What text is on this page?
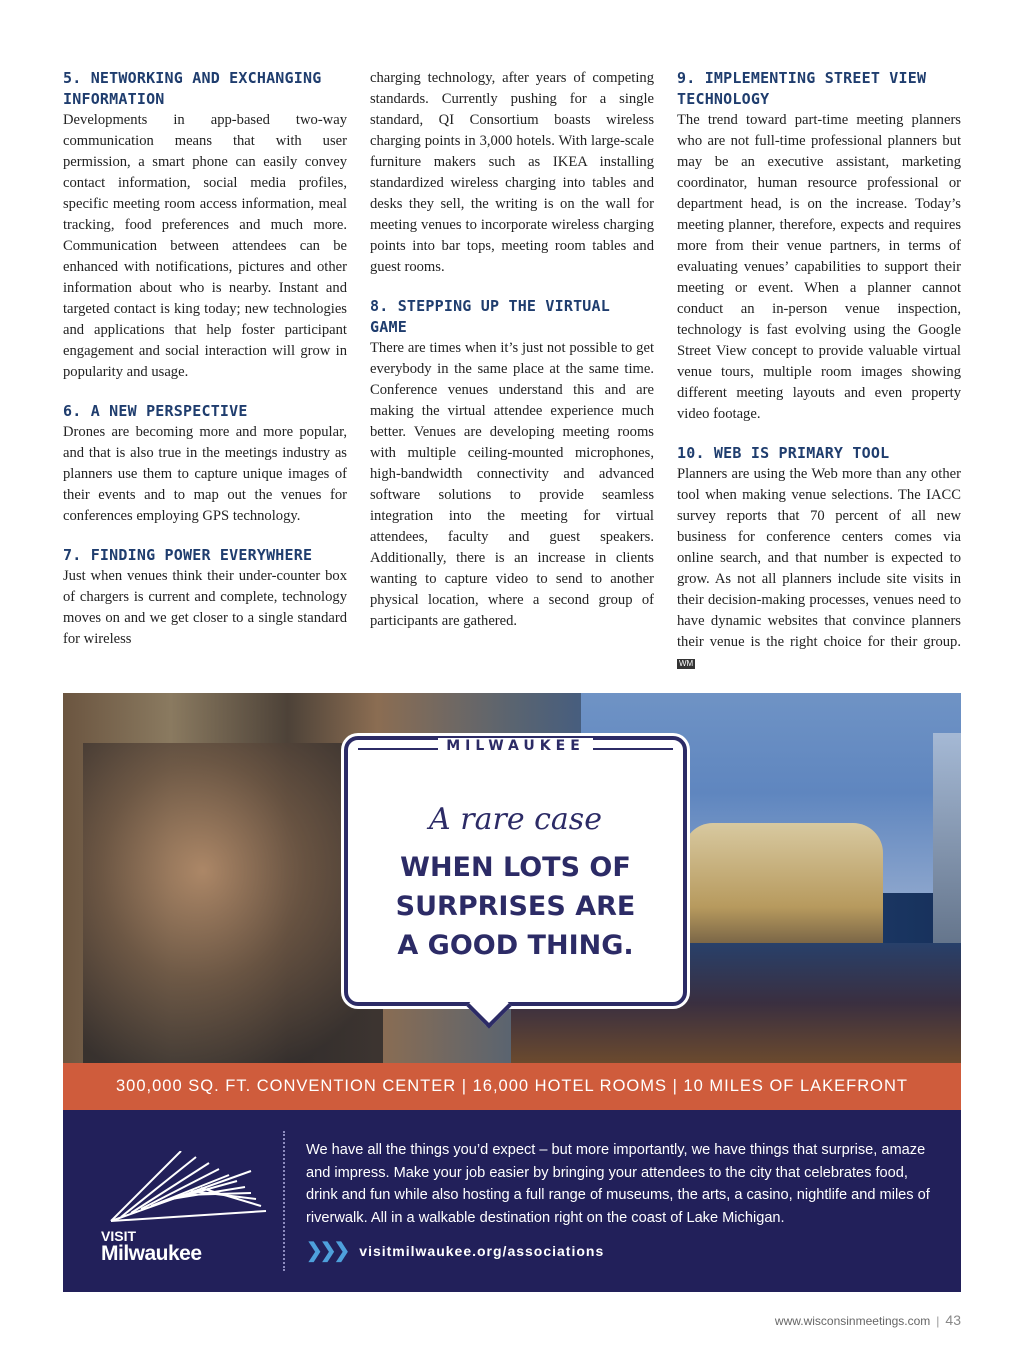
5. NETWORKING AND EXCHANGING INFORMATION

Developments in app-based two-way communication means that with user permission, a smart phone can easily convey contact information, social media profiles, specific meeting room access information, meal tracking, food preferences and much more. Communication between attendees can be enhanced with notifications, pictures and other information about who is nearby. Instant and targeted contact is king today; new technologies and applications that help foster participant engagement and social interaction will grow in popularity and usage.

6. A NEW PERSPECTIVE

Drones are becoming more and more popular, and that is also true in the meetings industry as planners use them to capture unique images of their events and to map out the venues for conferences employing GPS technology.

7. FINDING POWER EVERYWHERE

Just when venues think their under-counter box of chargers is current and complete, technology moves on and we get closer to a single standard for wireless

charging technology, after years of competing standards. Currently pushing for a single standard, QI Consortium boasts wireless charging points in 3,000 hotels. With large-scale furniture makers such as IKEA installing standardized wireless charging into tables and desks they sell, the writing is on the wall for meeting venues to incorporate wireless charging points into bar tops, meeting room tables and guest rooms.

8. STEPPING UP THE VIRTUAL GAME

There are times when it’s just not possible to get everybody in the same place at the same time. Conference venues understand this and are making the virtual attendee experience much better. Venues are developing meeting rooms with multiple ceiling-mounted microphones, high-bandwidth connectivity and advanced software solutions to provide seamless integration into the meeting for virtual attendees, faculty and guest speakers. Additionally, there is an increase in clients wanting to capture video to send to another physical location, where a second group of participants are gathered.

9. IMPLEMENTING STREET VIEW TECHNOLOGY

The trend toward part-time meeting planners who are not full-time professional planners but may be an executive assistant, marketing coordinator, human resource professional or department head, is on the increase. Today’s meeting planner, therefore, expects and requires more from their venue partners, in terms of evaluating venues’ capabilities to support their meeting or event. When a planner cannot conduct an in-person venue inspection, technology is fast evolving using the Google Street View concept to provide valuable virtual venue tours, multiple room images showing different meeting layouts and even property video footage.

10. WEB IS PRIMARY TOOL

Planners are using the Web more than any other tool when making venue selections. The IACC survey reports that 70 percent of all new business for conference centers comes via online search, and that number is expected to grow. As not all planners include site visits in their decision-making processes, venues need to have dynamic websites that convince planners their venue is the right choice for their group. WM

MILWAUKEE
A rare case
WHEN LOTS OF
SURPRISES ARE
A GOOD THING.
300,000 SQ. FT. CONVENTION CENTER | 16,000 HOTEL ROOMS | 10 MILES OF LAKEFRONT
VISIT
Milwaukee
We have all the things you’d expect – but more importantly, we have things that surprise, amaze and impress. Make your job easier by bringing your attendees to the city that celebrates food, drink and fun while also hosting a full range of museums, the arts, a casino, nightlife and miles of riverwalk. All in a walkable destination right on the coast of Lake Michigan.
❯❯❯ visitmilwaukee.org/associations
www.wisconsinmeetings.com | 43
